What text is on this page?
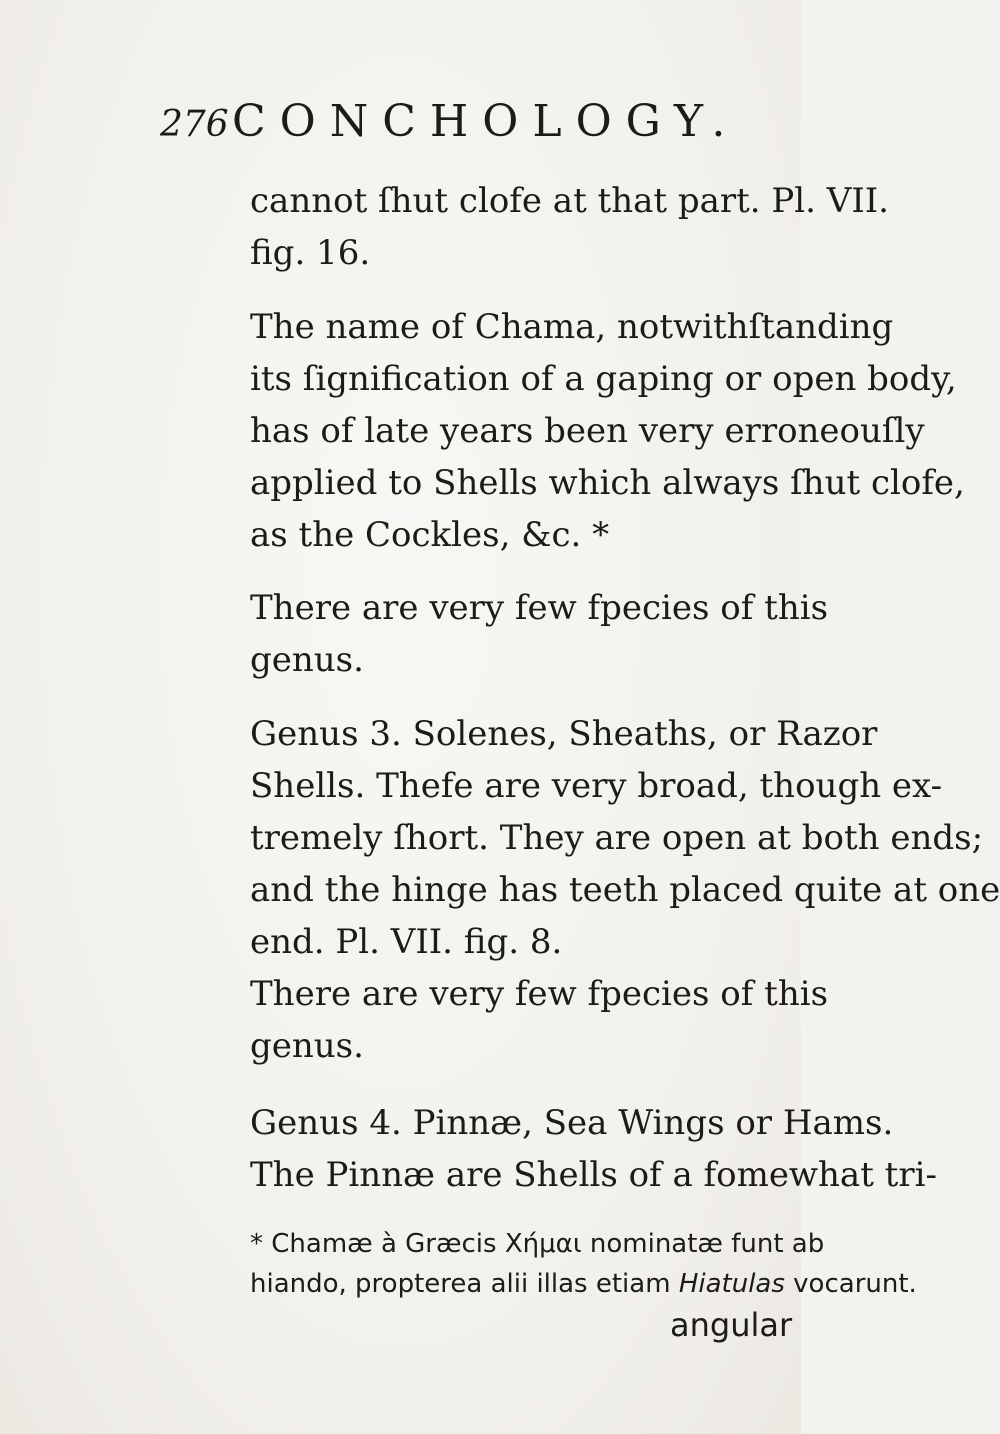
276 CONCHOLOGY.
cannot ſhut clofe at that part. Pl. VII.
fig. 16.
The name of Chama, notwithſtanding
its ſignification of a gaping or open body,
has of late years been very erroneouſly
applied to Shells which always ſhut clofe,
as the Cockles, &c. *
There are very few fpecies of this
genus.
Genus 3. Solenes, Sheaths, or Razor
Shells. Thefe are very broad, though ex-
tremely ſhort. They are open at both ends;
and the hinge has teeth placed quite at one
end. Pl. VII. fig. 8.
There are very few fpecies of this
genus.
Genus 4. Pinnæ, Sea Wings or Hams.
The Pinnæ are Shells of a fomewhat tri-
* Chamæ à Græcis Χήμαι nominatæ funt ab
hiando, propterea alii illas etiam Hiatulas vocarunt.
angular
